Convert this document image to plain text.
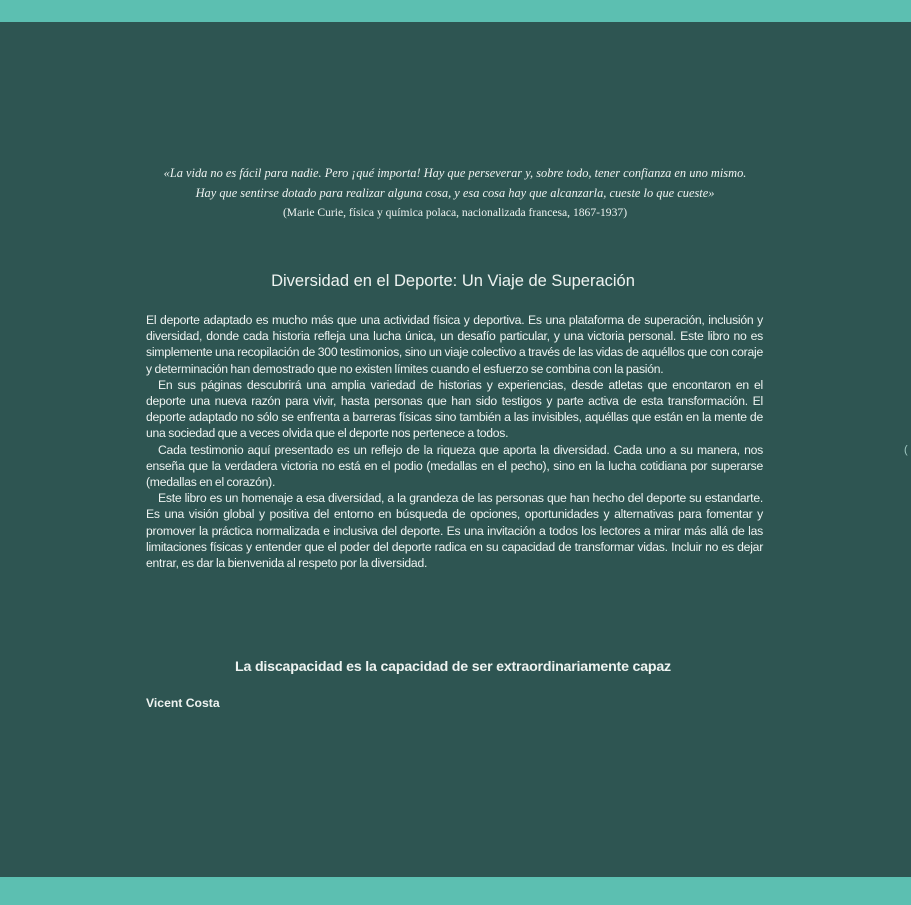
«La vida no es fácil para nadie. Pero ¡qué importa! Hay que perseverar y, sobre todo, tener confianza en uno mismo.
Hay que sentirse dotado para realizar alguna cosa, y esa cosa hay que alcanzarla, cueste lo que cueste»
(Marie Curie, física y química polaca, nacionalizada francesa, 1867-1937)
Diversidad en el Deporte: Un Viaje de Superación

El deporte adaptado es mucho más que una actividad física y deportiva. Es una plataforma de superación, inclusión y diversidad, donde cada historia refleja una lucha única, un desafío particular, y una victoria personal. Este libro no es simplemente una recopilación de 300 testimonios, sino un viaje colectivo a través de las vidas de aquéllos que con coraje y determinación han demostrado que no existen límites cuando el esfuerzo se combina con la pasión.

En sus páginas descubrirá una amplia variedad de historias y experiencias, desde atletas que encontaron en el deporte una nueva razón para vivir, hasta personas que han sido testigos y parte activa de esta transformación. El deporte adaptado no sólo se enfrenta a barreras físicas sino también a las invisibles, aquéllas que están en la mente de una sociedad que a veces olvida que el deporte nos pertenece a todos.

Cada testimonio aquí presentado es un reflejo de la riqueza que aporta la diversidad. Cada uno a su manera, nos enseña que la verdadera victoria no está en el podio (medallas en el pecho), sino en la lucha cotidiana por superarse (medallas en el corazón).

Este libro es un homenaje a esa diversidad, a la grandeza de las personas que han hecho del deporte su estandarte. Es una visión global y positiva del entorno en búsqueda de opciones, oportunidades y alternativas para fomentar y promover la práctica normalizada e inclusiva del deporte. Es una invitación a todos los lectores a mirar más allá de las limitaciones físicas y entender que el poder del deporte radica en su capacidad de transformar vidas. Incluir no es dejar entrar, es dar la bienvenida al respeto por la diversidad.

La discapacidad es la capacidad de ser extraordinariamente capaz
Vicent Costa
(
